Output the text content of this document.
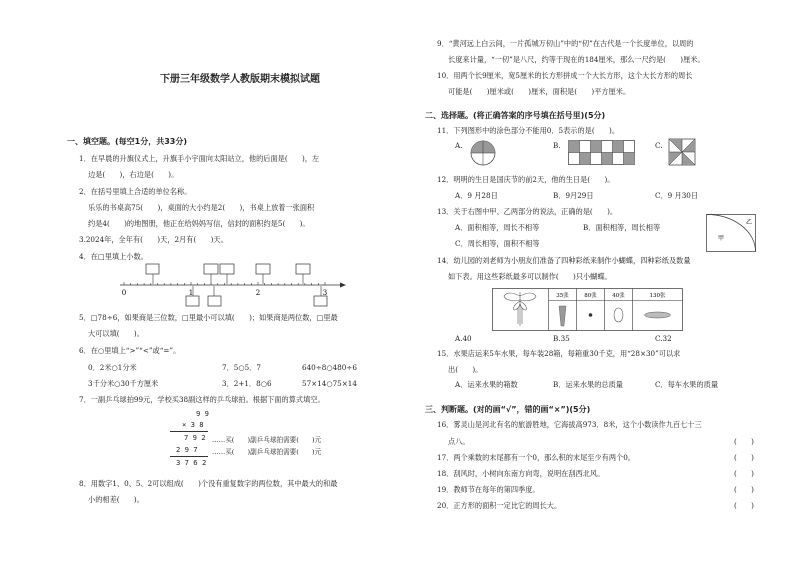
下册三年级数学人教版期末模拟试题
一、填空题。(每空1分，共33分)
1．在早晨的升旗仪式上，升旗手小宇面向太阳站立，他的后面是(　　)，左
边是(　　)，右边是(　　)。
2．在括号里填上合适的单位名称。
乐乐的书桌高75(　　)，桌面的大小约是2(　　)，书桌上放着一张面积
约是4(　　)的地图册，他正在给妈妈写信，信封的面积约是5(　　)。
3.2024年，全年有(　　)天，2月有(　　)天。
4．在□里填上小数。
0	1	2	3
5．□78÷6，如果商是三位数，□里最小可以填(　　)；如果商是两位数，□里最
大可以填(　　)。
6．在○里填上“>”“<”或“=”。
0．2米○1分米	7．5○5．7	640÷8○480÷6
3千分米○30千方厘米	3．2+1．8○6	57×14○75×14
7．一副乒乓球拍99元，学校买38副这样的乒乓球拍。根据下面的算式填空。
9 9
× 3 8
7 9 2
2 9 7
3 7 6 2
……买(　　)副乒乓球拍需要(　　)元
……买(　　)副乒乓球拍需要(　　)元
8．用数字1、0、5、2可以组成(　　)个没有重复数字的两位数，其中最大的和最
小的相差(　　)。
9．“黄河远上白云间，一片孤城万仞山”中的“仞”在古代是一个长度单位，以周的
长度来计量，“一仞”是八尺，约等于现在的184厘米，那么一尺约是(　　)厘米。
10．用两个长9厘米，宽5厘米的长方形拼成一个大长方形，这个大长方形的周长
可能是(　　)厘米或(　　)厘米，面积是(　　)平方厘米。
二、选择题。(将正确答案的序号填在括号里)(5分)
11．下列图形中的涂色部分不能用0．5表示的是(　　)。
A.	B.	C.
12．明明的生日是国庆节的前2天，他的生日是(　　)。
A．9 月28日	B．9月29日	C．9 月30日
13．关于右图中甲、乙两部分的说法，正确的是(　　)。
A．面积相等，周长不相等	B．面积相等，周长相等
C．周长相等，面积不相等
甲
乙
14．幼儿园的刘老师为小朋友们准备了四种彩纸来制作小蝴蝶，四种彩纸及数量
如下表。用这些彩纸最多可以制作(　　)只小蝴蝶。
35张	80张	40张	130张
A.40	B.35	C.32
15．水果店运来5车水果，每车装28箱，每箱重30千克，用“28×30”可以求
出(　　)。
A．运来水果的箱数	B．运来水果的总质量	C．每车水果的质量
三、判断题。(对的画“√”，错的画“×”)(5分)
16．雾灵山是河北有名的旅游胜地，它海拔高973．8米，这个小数读作九百七十三
点八。	(　　)
17．两个乘数的末尾都有一个0，那么积的末尾至少有两个0。	(　　)
18．刮风时，小树向东南方向弯，说明在刮西北风。	(　　)
19．教师节在每年的第四季度。	(　　)
20．正方形的面积一定比它的周长大。	(　　)
